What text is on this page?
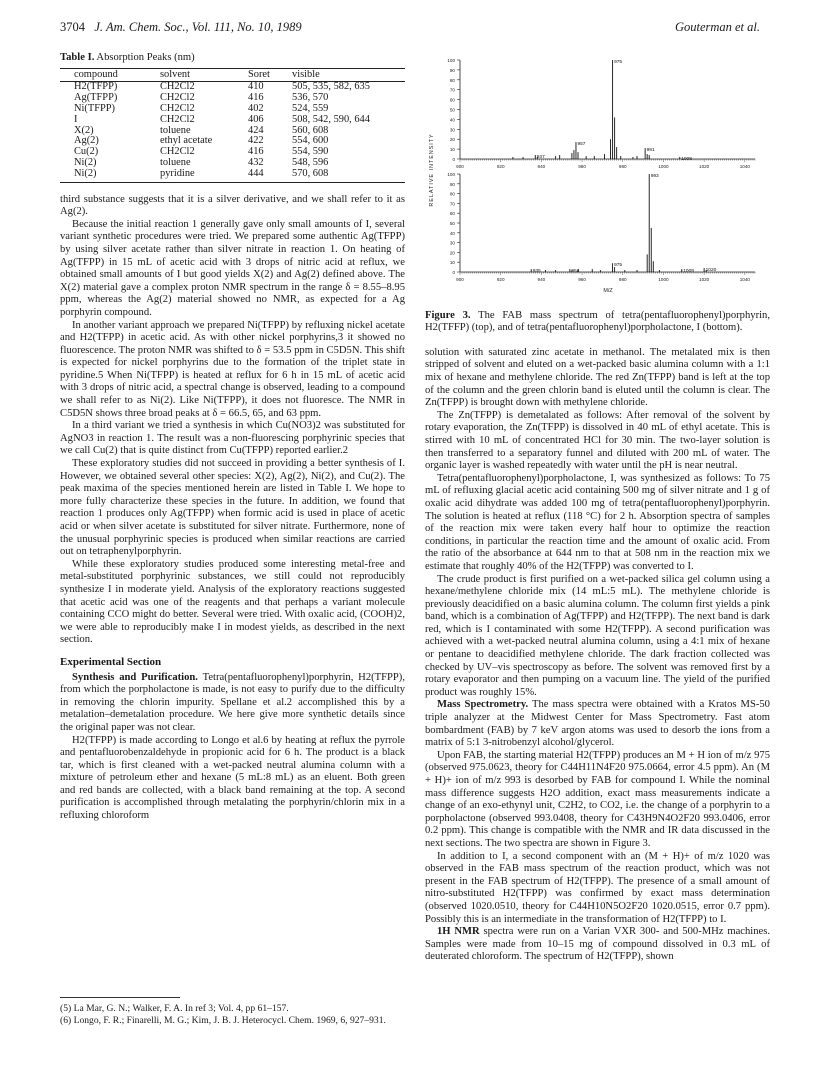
3704 J. Am. Chem. Soc., Vol. 111, No. 10, 1989	Gouterman et al.
Table I. Absorption Peaks (nm)
compound	solvent	Soret	visible
H2(TFPP)	CH2Cl2	410	505, 535, 582, 635
Ag(TFPP)	CH2Cl2	416	536, 570
Ni(TFPP)	CH2Cl2	402	524, 559
I	CH2Cl2	406	508, 542, 590, 644
X(2)	toluene	424	560, 608
Ag(2)	ethyl acetate	422	554, 600
Cu(2)	CH2Cl2	416	554, 590
Ni(2)	toluene	432	548, 596
Ni(2)	pyridine	444	570, 608

third substance suggests that it is a silver derivative, and we shall refer to it as Ag(2).

Because the initial reaction 1 generally gave only small amounts of I, several variant synthetic procedures were tried. We prepared some authentic Ag(TFPP) by using silver acetate rather than silver nitrate in reaction 1. On heating of Ag(TFPP) in 15 mL of acetic acid with 3 drops of nitric acid at reflux, we obtained small amounts of I but good yields X(2) and Ag(2) defined above. The X(2) material gave a complex proton NMR spectrum in the range δ = 8.55–8.95 ppm, whereas the Ag(2) material showed no NMR, as expected for a Ag porphyrin compound.

In another variant approach we prepared Ni(TFPP) by refluxing nickel acetate and H2(TFPP) in acetic acid. As with other nickel porphyrins,3 it showed no fluorescence. The proton NMR was shifted to δ = 53.5 ppm in C5D5N. This shift is expected for nickel porphyrins due to the formation of the triplet state in pyridine.5 When Ni(TFPP) is heated at reflux for 6 h in 15 mL of acetic acid with 3 drops of nitric acid, a spectral change is observed, leading to a compound we shall refer to as Ni(2). Like Ni(TFPP), it does not fluoresce. The NMR in C5D5N shows three broad peaks at δ = 66.5, 65, and 63 ppm.

In a third variant we tried a synthesis in which Cu(NO3)2 was substituted for AgNO3 in reaction 1. The result was a non-fluorescing porphyrinic species that we call Cu(2) that is quite distinct from Cu(TFPP) reported earlier.2

These exploratory studies did not succeed in providing a better synthesis of I. However, we obtained several other species: X(2), Ag(2), Ni(2), and Cu(2). The peak maxima of the species mentioned herein are listed in Table I. We hope to more fully characterize these species in the future. In addition, we found that reaction 1 produces only Ag(TFPP) when formic acid is used in place of acetic acid or when silver acetate is substituted for silver nitrate. Furthermore, none of the unusual porphyrinic species is produced when similar reactions are carried out on tetraphenylporphyrin.

While these exploratory studies produced some interesting metal-free and metal-substituted porphyrinic substances, we still could not reproducibly synthesize I in moderate yield. Analysis of the exploratory reactions suggested that acetic acid was one of the reagents and that perhaps a variant molecule containing CCO might do better. Several were tried. With oxalic acid, (COOH)2, we were able to reproducibly make I in modest yields, as described in the next section.

Experimental Section

Synthesis and Purification. Tetra(pentafluorophenyl)porphyrin, H2(TFPP), from which the porpholactone is made, is not easy to purify due to the difficulty in removing the chlorin impurity. Spellane et al.2 accomplished this by a metalation–demetalation procedure. We here give more synthetic details since the original paper was not clear.

H2(TFPP) is made according to Longo et al.6 by heating at reflux the pyrrole and pentafluorobenzaldehyde in propionic acid for 6 h. The product is a black tar, which is first cleaned with a wet-packed neutral alumina column with a mixture of petroleum ether and hexane (5 mL:8 mL) as an eluent. Both green and red bands are collected, with a black band remaining at the top. A second purification is accomplished through metalating the porphyrin/chlorin mix in a refluxing chloroform

(5) La Mar, G. N.; Walker, F. A. In ref 3; Vol. 4, pp 61–157.
(6) Longo, F. R.; Finarelli, M. G.; Kim, J. B. J. Heterocycl. Chem. 1969, 6, 927–931.
100
90
80
70
60
50
40
30
20
10
0
900	920	940	960	980	1000	1020	1040
975
957
937
991
1008
100
90
80
70
60
50
40
30
20
10
0
900	920	940	960	980	1000	1020	1040
993
975
935	954	1009 1020
RELATIVE INTENSITY
M/Z
Figure 3. The FAB mass spectrum of tetra(pentafluorophenyl)porphyrin, H2(TFFP) (top), and of tetra(pentafluorophenyl)porpholactone, I (bottom).

solution with saturated zinc acetate in methanol. The metalated mix is then stripped of solvent and eluted on a wet-packed basic alumina column with a 1:1 mix of hexane and methylene chloride. The red Zn(TFPP) band is left at the top of the column and the green chlorin band is eluted until the column is clear. The Zn(TFPP) is brought down with methylene chloride.

The Zn(TFPP) is demetalated as follows: After removal of the solvent by rotary evaporation, the Zn(TFPP) is dissolved in 40 mL of ethyl acetate. This is stirred with 10 mL of concentrated HCl for 30 min. The two-layer solution is then transferred to a separatory funnel and diluted with 200 mL of water. The organic layer is washed repeatedly with water until the pH is near neutral.

Tetra(pentafluorophenyl)porpholactone, I, was synthesized as follows: To 75 mL of refluxing glacial acetic acid containing 500 mg of silver nitrate and 1 g of oxalic acid dihydrate was added 100 mg of tetra(pentafluorophenyl)porphyrin. The solution is heated at reflux (118 °C) for 2 h. Absorption spectra of samples of the reaction mix were taken every half hour to optimize the reaction conditions, in particular the reaction time and the amount of oxalic acid. From the ratio of the absorbance at 644 nm to that at 508 nm in the reaction mix we estimate that roughly 40% of the H2(TFPP) was converted to I.

The crude product is first purified on a wet-packed silica gel column using a hexane/methylene chloride mix (14 mL:5 mL). The methylene chloride is previously deacidified on a basic alumina column. The column first yields a pink band, which is a combination of Ag(TFPP) and H2(TFPP). The next band is dark red, which is I contaminated with some H2(TFPP). A second purification was achieved with a wet-packed neutral alumina column, using a 4:1 mix of hexane or pentane to deacidified methylene chloride. The dark fraction collected was checked by UV–vis spectroscopy as before. The solvent was removed first by a rotary evaporator and then pumping on a vacuum line. The yield of the purified product was roughly 15%.

Mass Spectrometry. The mass spectra were obtained with a Kratos MS-50 triple analyzer at the Midwest Center for Mass Spectrometry. Fast atom bombardment (FAB) by 7 keV argon atoms was used to desorb the ions from a matrix of 5:1 3-nitrobenzyl alcohol/glycerol.

Upon FAB, the starting material H2(TFPP) produces an M + H ion of m/z 975 (observed 975.0623, theory for C44H11N4F20 975.0664, error 4.5 ppm). An (M + H)+ ion of m/z 993 is desorbed by FAB for compound I. While the nominal mass difference suggests H2O addition, exact mass measurements indicate a change of an exo-ethynyl unit, C2H2, to CO2, i.e. the change of a porphyrin to a porpholactone (observed 993.0408, theory for C43H9N4O2F20 993.0406, error 0.2 ppm). This change is compatible with the NMR and IR data discussed in the next sections. The two spectra are shown in Figure 3.

In addition to I, a second component with an (M + H)+ of m/z 1020 was observed in the FAB mass spectrum of the reaction product, which was not present in the FAB spectrum of H2(TFPP). The presence of a small amount of nitro-substituted H2(TFPP) was confirmed by exact mass determination (observed 1020.0510, theory for C44H10N5O2F20 1020.0515, error 0.7 ppm). Possibly this is an intermediate in the transformation of H2(TFPP) to I.

1H NMR spectra were run on a Varian VXR 300- and 500-MHz machines. Samples were made from 10–15 mg of compound dissolved in 0.3 mL of deuterated chloroform. The spectrum of H2(TFPP), shown
